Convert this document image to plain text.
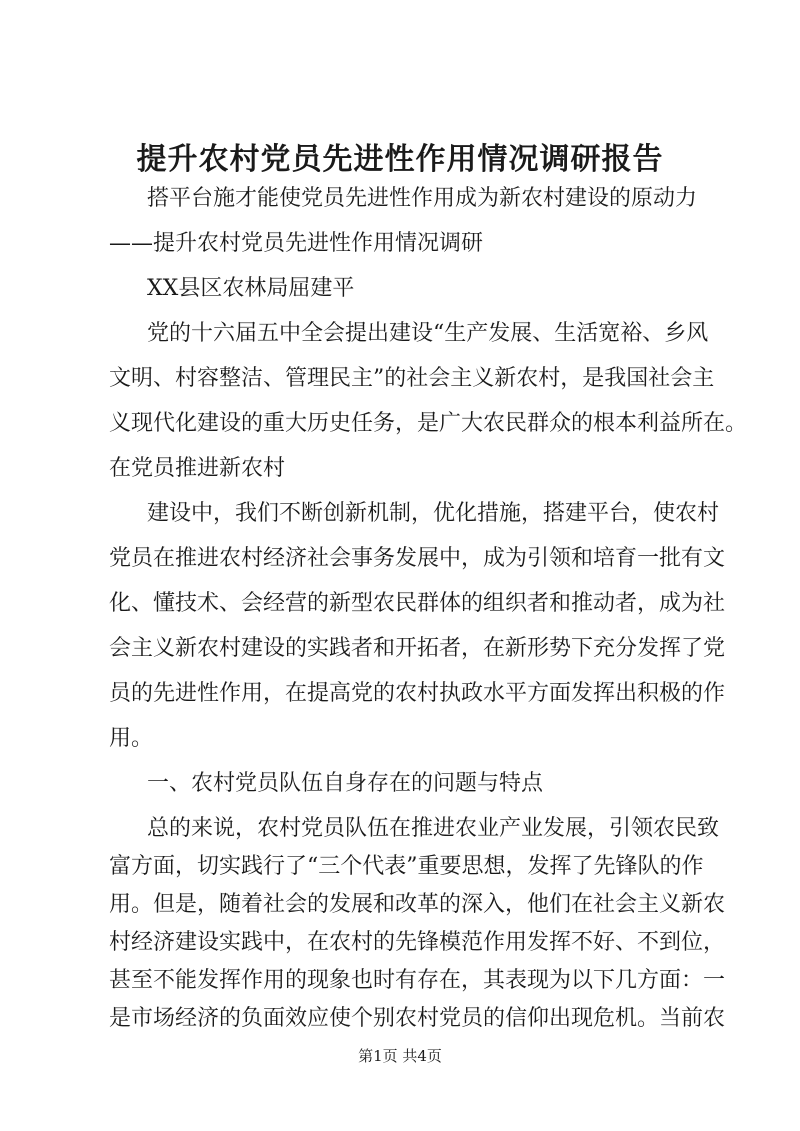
提升农村党员先进性作用情况调研报告
搭平台施才能使党员先进性作用成为新农村建设的原动力
——提升农村党员先进性作用情况调研
XX县区农林局屈建平
党的十六届五中全会提出建设“生产发展、生活宽裕、乡风
文明、村容整洁、管理民主”的社会主义新农村，是我国社会主
义现代化建设的重大历史任务，是广大农民群众的根本利益所在。
在党员推进新农村
建设中，我们不断创新机制，优化措施，搭建平台，使农村
党员在推进农村经济社会事务发展中，成为引领和培育一批有文
化、懂技术、会经营的新型农民群体的组织者和推动者，成为社
会主义新农村建设的实践者和开拓者，在新形势下充分发挥了党
员的先进性作用，在提高党的农村执政水平方面发挥出积极的作
用。
一、农村党员队伍自身存在的问题与特点
总的来说，农村党员队伍在推进农业产业发展，引领农民致
富方面，切实践行了“三个代表”重要思想，发挥了先锋队的作
用。但是，随着社会的发展和改革的深入，他们在社会主义新农
村经济建设实践中，在农村的先锋模范作用发挥不好、不到位，
甚至不能发挥作用的现象也时有存在，其表现为以下几方面：一
第1页 共4页
是市场经济的负面效应使个别农村党员的信仰出现危机。当前农
